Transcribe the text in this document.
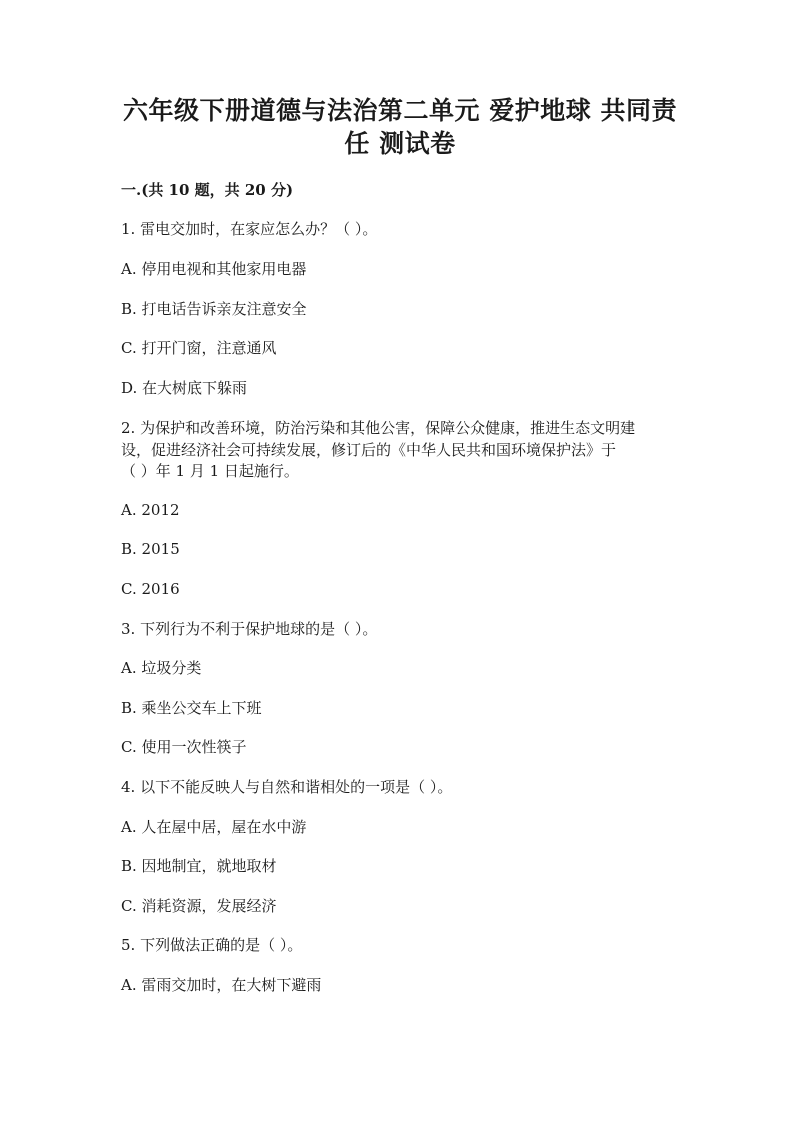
六年级下册道德与法治第二单元 爱护地球 共同责
任 测试卷
一.(共 10 题，共 20 分)
1. 雷电交加时，在家应怎么办？（ ）。
A. 停用电视和其他家用电器
B. 打电话告诉亲友注意安全
C. 打开门窗，注意通风
D. 在大树底下躲雨
2. 为保护和改善环境，防治污染和其他公害，保障公众健康，推进生态文明建
设，促进经济社会可持续发展，修订后的《中华人民共和国环境保护法》于
（ ）年 1 月 1 日起施行。
A. 2012
B. 2015
C. 2016
3. 下列行为不利于保护地球的是（ ）。
A. 垃圾分类
B. 乘坐公交车上下班
C. 使用一次性筷子
4. 以下不能反映人与自然和谐相处的一项是（ ）。
A. 人在屋中居，屋在水中游
B. 因地制宜，就地取材
C. 消耗资源，发展经济
5. 下列做法正确的是（ ）。
A. 雷雨交加时，在大树下避雨
